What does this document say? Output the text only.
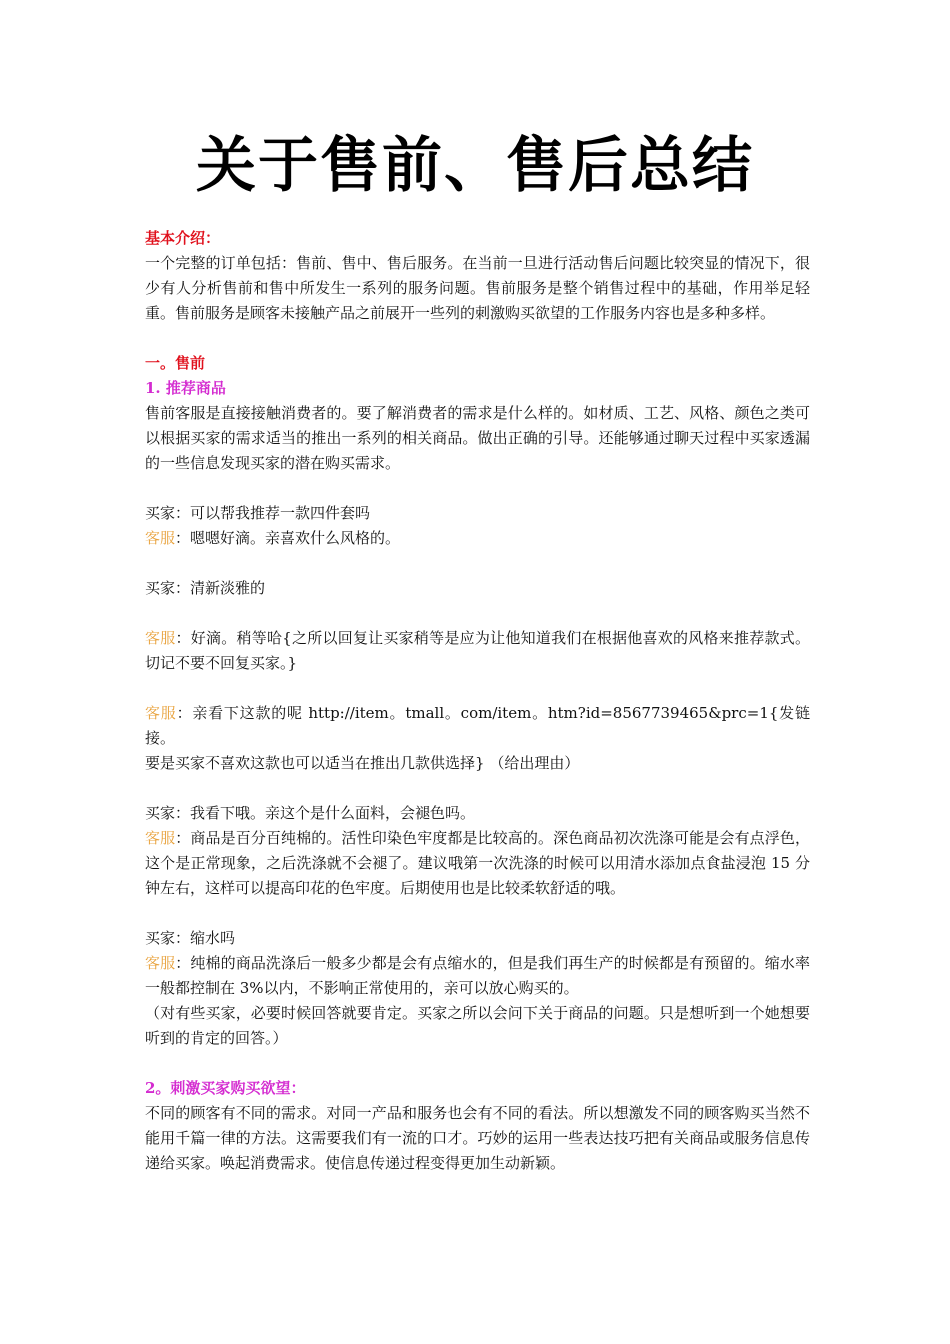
关于售前、售后总结

基本介绍：

一个完整的订单包括：售前、售中、售后服务。在当前一旦进行活动售后问题比较突显的情况下，很少有人分析售前和售中所发生一系列的服务问题。售前服务是整个销售过程中的基础，作用举足轻重。售前服务是顾客未接触产品之前展开一些列的刺激购买欲望的工作服务内容也是多种多样。

一。售前

1. 推荐商品

售前客服是直接接触消费者的。要了解消费者的需求是什么样的。如材质、工艺、风格、颜色之类可以根据买家的需求适当的推出一系列的相关商品。做出正确的引导。还能够通过聊天过程中买家透漏的一些信息发现买家的潜在购买需求。

买家：可以帮我推荐一款四件套吗

客服：嗯嗯好滴。亲喜欢什么风格的。

买家：清新淡雅的

客服：好滴。稍等哈{之所以回复让买家稍等是应为让他知道我们在根据他喜欢的风格来推荐款式。切记不要不回复买家。}

客服：亲看下这款的呢 http://item。tmall。com/item。htm?id=8567739465&prc=1{发链接。

要是买家不喜欢这款也可以适当在推出几款供选择} （给出理由）

买家：我看下哦。亲这个是什么面料，会褪色吗。

客服：商品是百分百纯棉的。活性印染色牢度都是比较高的。深色商品初次洗涤可能是会有点浮色，这个是正常现象，之后洗涤就不会褪了。建议哦第一次洗涤的时候可以用清水添加点食盐浸泡 15 分钟左右，这样可以提高印花的色牢度。后期使用也是比较柔软舒适的哦。

买家：缩水吗

客服：纯棉的商品洗涤后一般多少都是会有点缩水的，但是我们再生产的时候都是有预留的。缩水率一般都控制在 3%以内，不影响正常使用的，亲可以放心购买的。

（对有些买家，必要时候回答就要肯定。买家之所以会问下关于商品的问题。只是想听到一个她想要听到的肯定的回答。）

2。刺激买家购买欲望：

不同的顾客有不同的需求。对同一产品和服务也会有不同的看法。所以想激发不同的顾客购买当然不能用千篇一律的方法。这需要我们有一流的口才。巧妙的运用一些表达技巧把有关商品或服务信息传递给买家。唤起消费需求。使信息传递过程变得更加生动新颖。
